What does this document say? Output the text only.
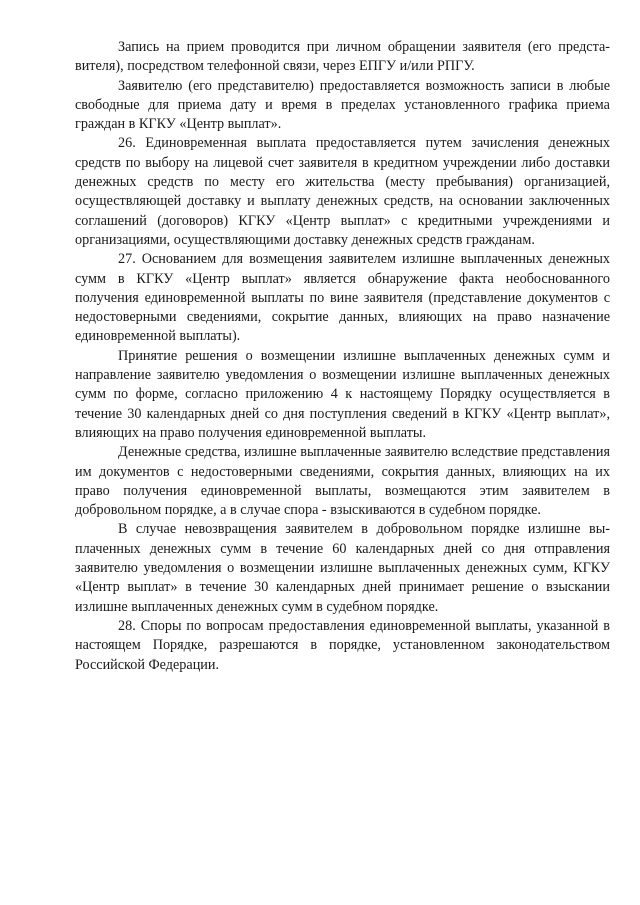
Запись на прием проводится при личном обращении заявителя (его представителя), посредством телефонной связи, через ЕПГУ и/или РПГУ.

Заявителю (его представителю) предоставляется возможность записи в любые свободные для приема дату и время в пределах установленного графика приема граждан в КГКУ «Центр выплат».

26. Единовременная выплата предоставляется путем зачисления денежных средств по выбору на лицевой счет заявителя в кредитном учреждении либо доставки денежных средств по месту его жительства (месту пребывания) организацией, осуществляющей доставку и выплату денежных средств, на основании заключенных соглашений (договоров) КГКУ «Центр выплат» с кредитными учреждениями и организациями, осуществляющими доставку денежных средств гражданам.

27. Основанием для возмещения заявителем излишне выплаченных денежных сумм в КГКУ «Центр выплат» является обнаружение факта необоснованного получения единовременной выплаты по вине заявителя (представление документов с недостоверными сведениями, сокрытие данных, влияющих на право назначение единовременной выплаты).

Принятие решения о возмещении излишне выплаченных денежных сумм и направление заявителю уведомления о возмещении излишне выплаченных денежных сумм по форме, согласно приложению 4 к настоящему Порядку осуществляется в течение 30 календарных дней со дня поступления сведений в КГКУ «Центр выплат», влияющих на право получения единовременной выплаты.

Денежные средства, излишне выплаченные заявителю вследствие представления им документов с недостоверными сведениями, сокрытия данных, влияющих на их право получения единовременной выплаты, возмещаются этим заявителем в добровольном порядке, а в случае спора - взыскиваются в судебном порядке.

В случае невозвращения заявителем в добровольном порядке излишне выплаченных денежных сумм в течение 60 календарных дней со дня отправления заявителю уведомления о возмещении излишне выплаченных денежных сумм, КГКУ «Центр выплат» в течение 30 календарных дней принимает решение о взыскании излишне выплаченных денежных сумм в судебном порядке.

28. Споры по вопросам предоставления единовременной выплаты, указанной в настоящем Порядке, разрешаются в порядке, установленном законодательством Российской Федерации.
